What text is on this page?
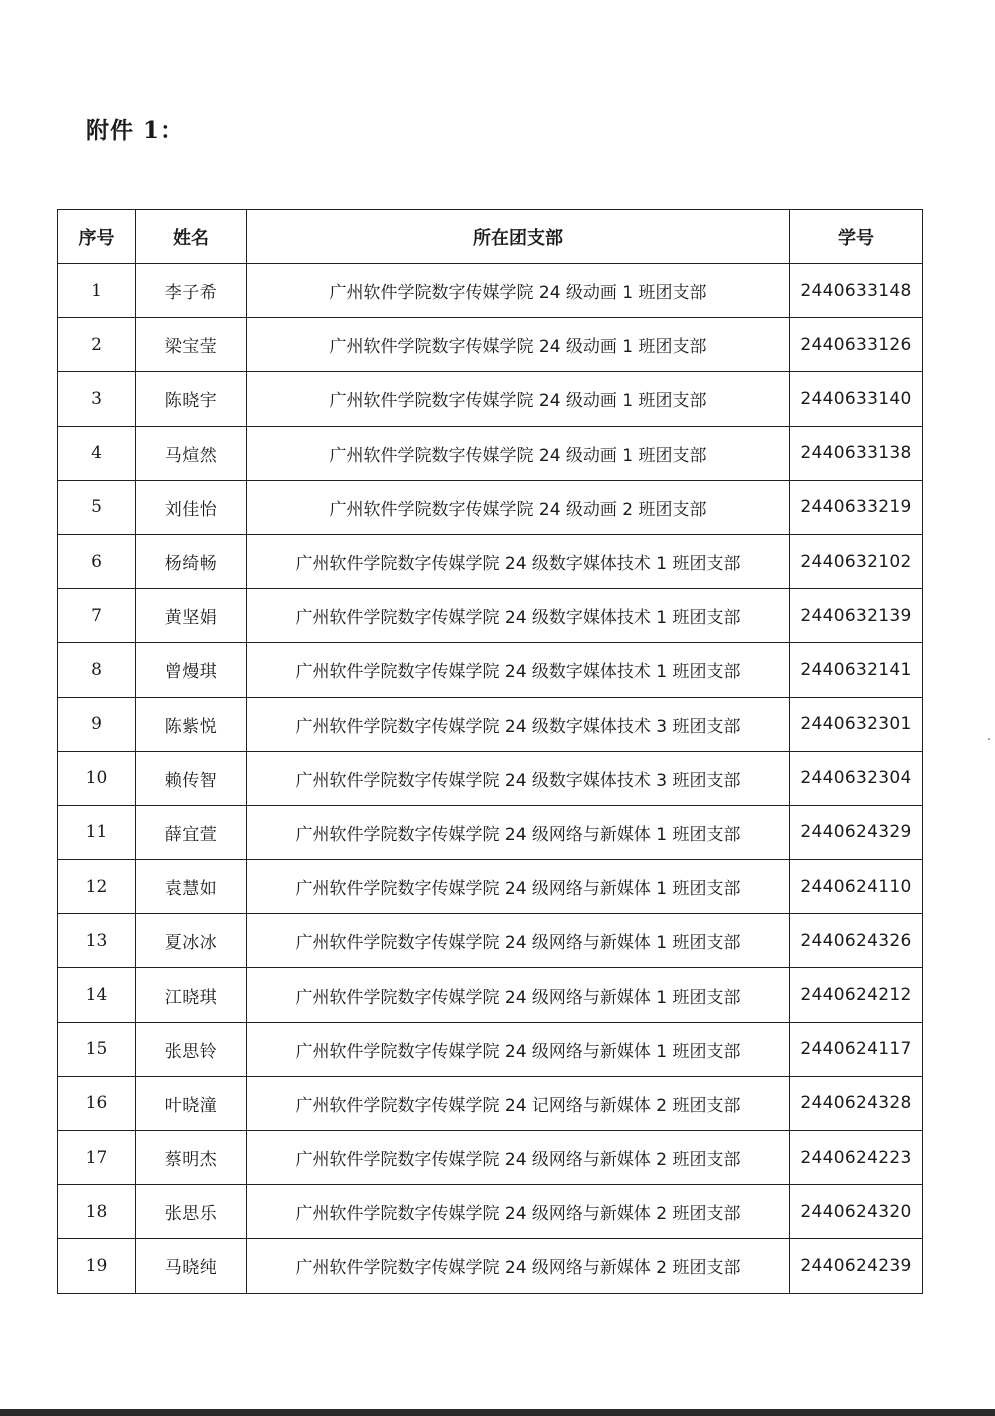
附件 1：
序号	姓名	所在团支部	学号
1	李子希	广州软件学院数字传媒学院 24 级动画 1 班团支部	2440633148
2	梁宝莹	广州软件学院数字传媒学院 24 级动画 1 班团支部	2440633126
3	陈晓宇	广州软件学院数字传媒学院 24 级动画 1 班团支部	2440633140
4	马煊然	广州软件学院数字传媒学院 24 级动画 1 班团支部	2440633138
5	刘佳怡	广州软件学院数字传媒学院 24 级动画 2 班团支部	2440633219
6	杨绮畅	广州软件学院数字传媒学院 24 级数字媒体技术 1 班团支部	2440632102
7	黄坚娟	广州软件学院数字传媒学院 24 级数字媒体技术 1 班团支部	2440632139
8	曾熳琪	广州软件学院数字传媒学院 24 级数字媒体技术 1 班团支部	2440632141
9	陈紫悦	广州软件学院数字传媒学院 24 级数字媒体技术 3 班团支部	2440632301
10	赖传智	广州软件学院数字传媒学院 24 级数字媒体技术 3 班团支部	2440632304
11	薛宜萱	广州软件学院数字传媒学院 24 级网络与新媒体 1 班团支部	2440624329
12	袁慧如	广州软件学院数字传媒学院 24 级网络与新媒体 1 班团支部	2440624110
13	夏冰冰	广州软件学院数字传媒学院 24 级网络与新媒体 1 班团支部	2440624326
14	江晓琪	广州软件学院数字传媒学院 24 级网络与新媒体 1 班团支部	2440624212
15	张思铃	广州软件学院数字传媒学院 24 级网络与新媒体 1 班团支部	2440624117
16	叶晓潼	广州软件学院数字传媒学院 24 记网络与新媒体 2 班团支部	2440624328
17	蔡明杰	广州软件学院数字传媒学院 24 级网络与新媒体 2 班团支部	2440624223
18	张思乐	广州软件学院数字传媒学院 24 级网络与新媒体 2 班团支部	2440624320
19	马晓纯	广州软件学院数字传媒学院 24 级网络与新媒体 2 班团支部	2440624239
